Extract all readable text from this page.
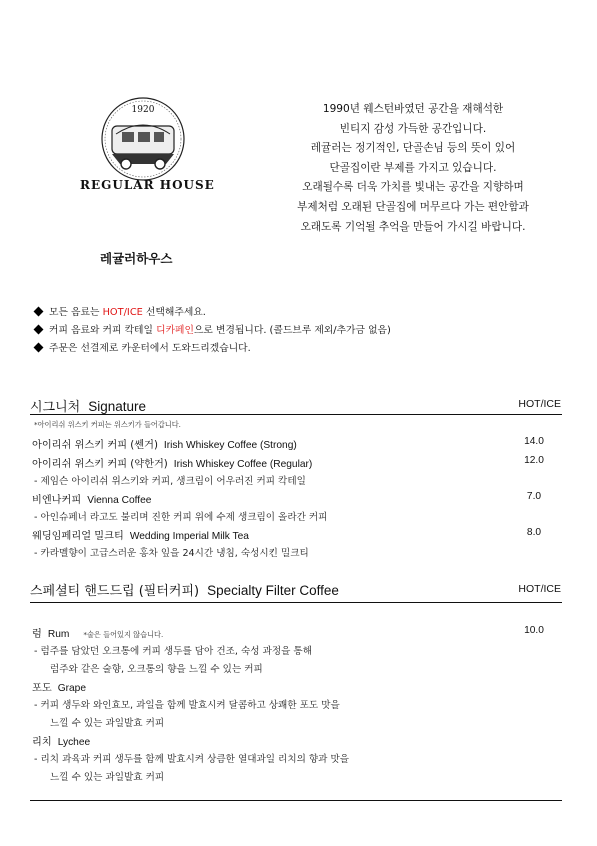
1920
REGULAR HOUSE
레귤러하우스
1990년 웨스턴바였던 공간을 재해석한
빈티지 감성 가득한 공간입니다.
레귤러는 정기적인, 단골손님 등의 뜻이 있어
단골집이란 부제를 가지고 있습니다.
오래될수록 더욱 가치를 빛내는 공간을 지향하며
부제처럼 오래된 단골집에 머무르다 가는 편안함과
오래도록 기억될 추억을 만들어 가시길 바랍니다.
모든 음료는 HOT/ICE 선택해주세요.
커피 음료와 커피 칵테일 디카페인으로 변경됩니다. (콜드브루 제외/추가금 없음)
주문은 선결제로 카운터에서 도와드리겠습니다.
시그니처 Signature	HOT/ICE
*아이리쉬 위스키 커피는 위스키가 들어갑니다.
아이리쉬 위스키 커피 (쎈거) Irish Whiskey Coffee (Strong)	14.0
아이리쉬 위스키 커피 (약한거) Irish Whiskey Coffee (Regular)	12.0
- 제임슨 아이리쉬 위스키와 커피, 생크림이 어우러진 커피 칵테일
비엔나커피 Vienna Coffee	7.0
- 아인슈페너 라고도 불리며 진한 커피 위에 수제 생크림이 올라간 커피
웨딩임페리얼 밀크티 Wedding Imperial Milk Tea	8.0
- 카라멜향이 고급스러운 홍차 잎을 24시간 냉침, 숙성시킨 밀크티
스페셜티 핸드드립 (필터커피) Specialty Filter Coffee	HOT/ICE
럼 Rum *술은 들어있지 않습니다.	10.0
- 럼주를 담았던 오크통에 커피 생두를 담아 건조, 숙성 과정을 통해
럼주와 같은 술향, 오크통의 향을 느낄 수 있는 커피
포도 Grape
- 커피 생두와 와인효모, 과일을 함께 발효시켜 달콤하고 상쾌한 포도 맛을
느낄 수 있는 과일발효 커피
리치 Lychee
- 리치 과육과 커피 생두를 함께 발효시켜 상큼한 열대과일 리치의 향과 맛을
느낄 수 있는 과일발효 커피
